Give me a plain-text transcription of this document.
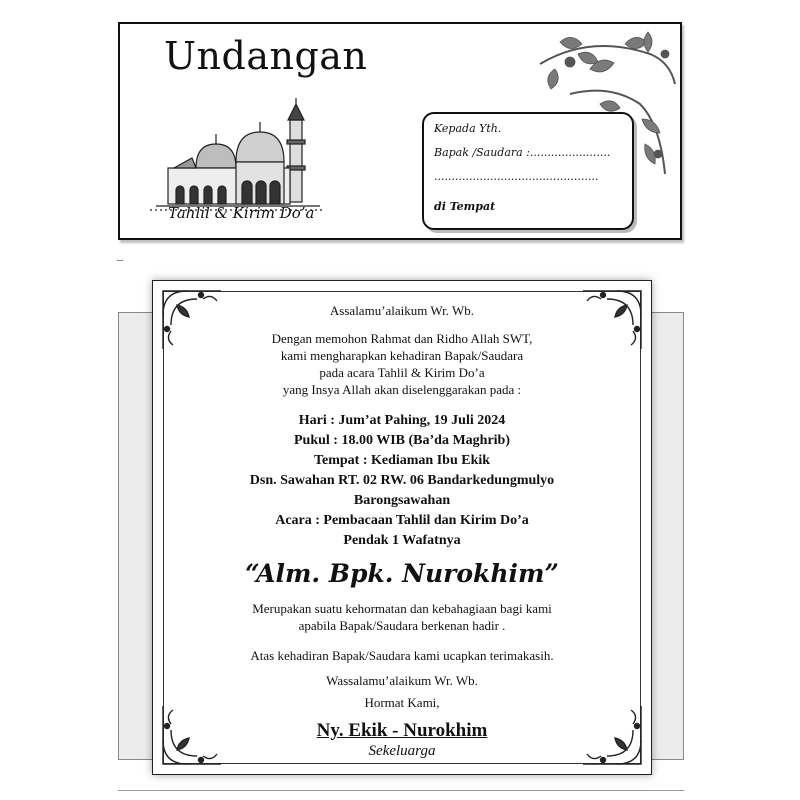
Undangan
Tahlil & Kirim Do’a
Kepada Yth.
Bapak /Saudara :.......................
...............................................
di Tempat
–
Assalamu’alaikum Wr. Wb.
Dengan memohon Rahmat dan Ridho Allah SWT,
kami mengharapkan kehadiran Bapak/Saudara
pada acara Tahlil & Kirim Do’a
yang Insya Allah akan diselenggarakan pada :
Hari : Jum’at Pahing, 19 Juli 2024
Pukul : 18.00 WIB (Ba’da Maghrib)
Tempat : Kediaman Ibu Ekik
Dsn. Sawahan RT. 02 RW. 06 Bandarkedungmulyo
Barongsawahan
Acara : Pembacaan Tahlil dan Kirim Do’a
Pendak 1 Wafatnya
“Alm. Bpk. Nurokhim”
Merupakan suatu kehormatan dan kebahagiaan bagi kami
apabila Bapak/Saudara berkenan hadir .
Atas kehadiran Bapak/Saudara kami ucapkan terimakasih.
Wassalamu’alaikum Wr. Wb.
Hormat Kami,
Ny. Ekik - Nurokhim
Sekeluarga
